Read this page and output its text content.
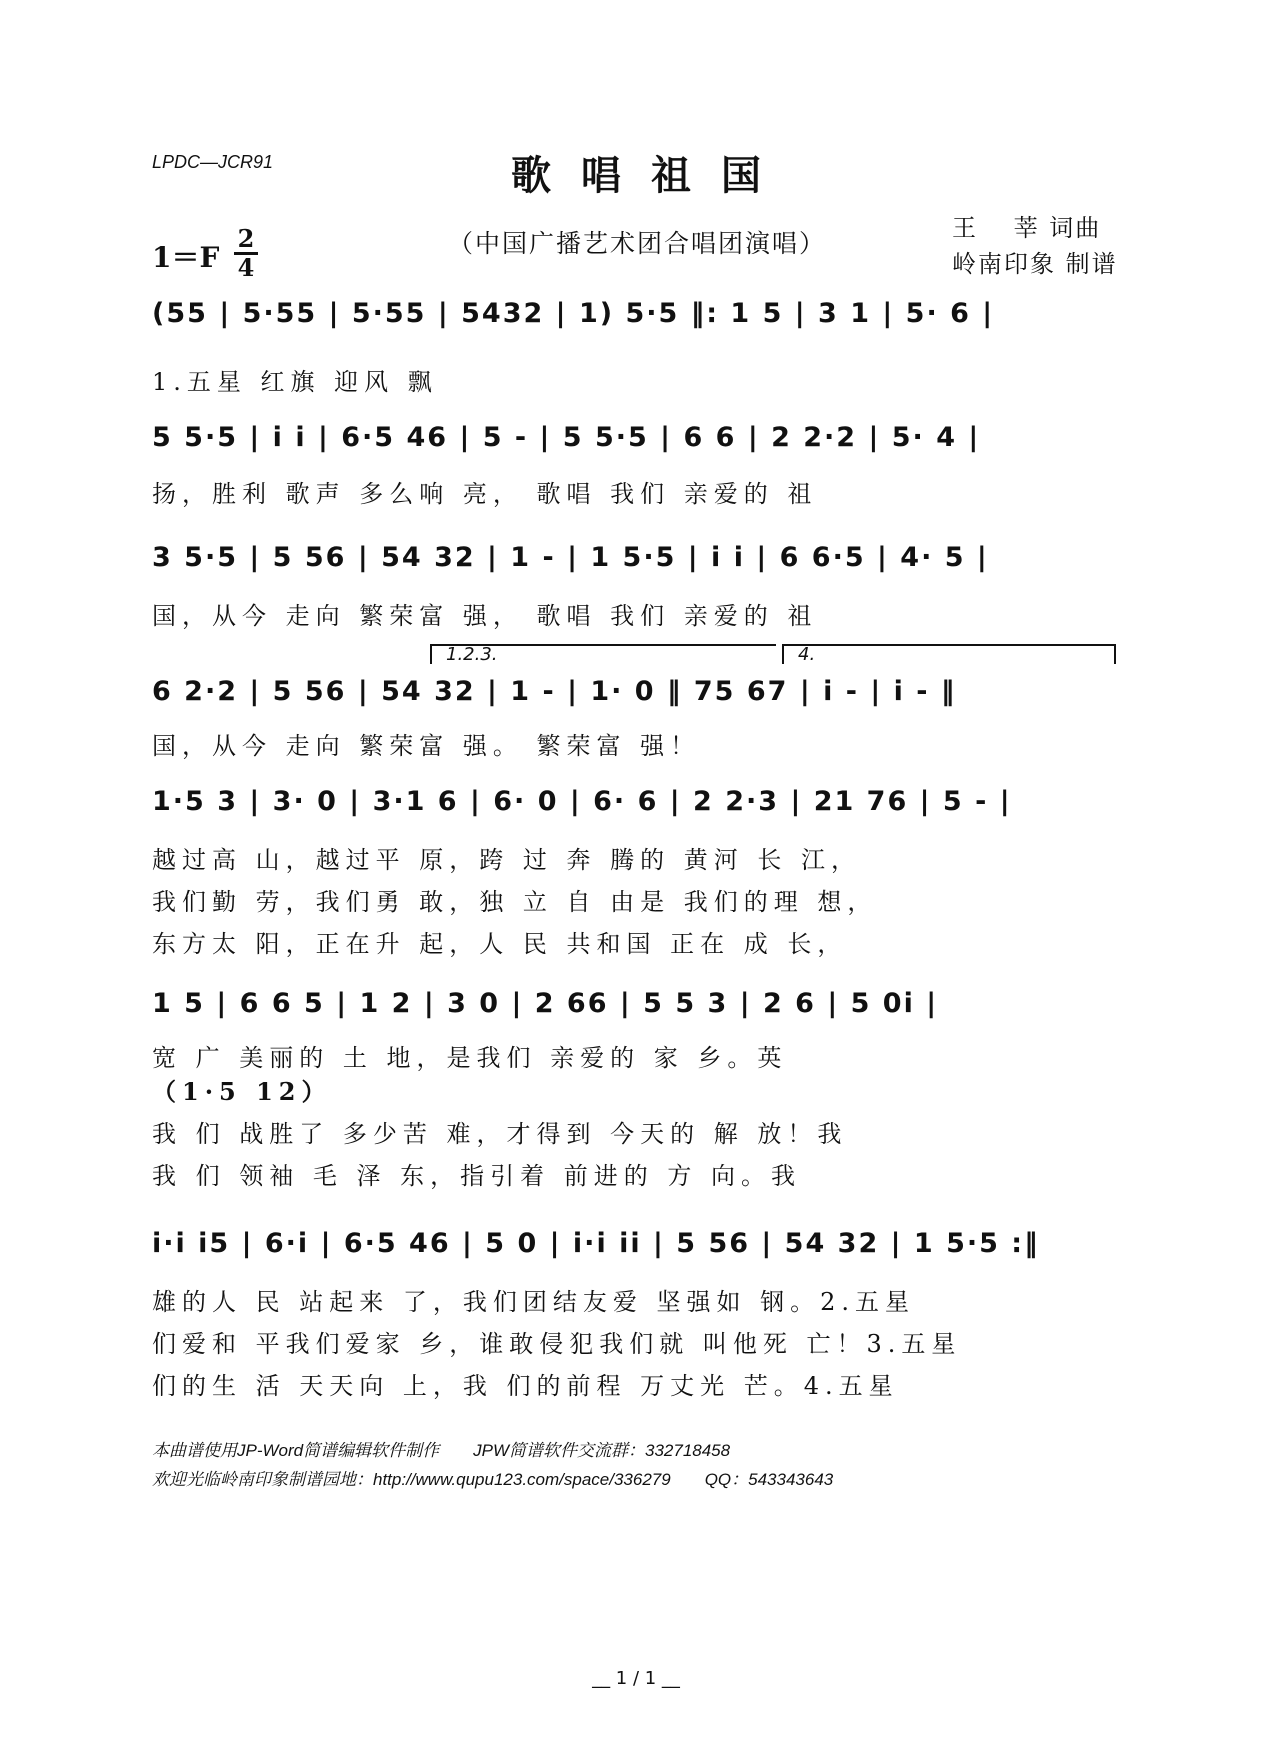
LPDC—JCR91	歌唱祖国
（中国广播艺术团合唱团演唱）
王　 莘 词曲
岭南印象 制谱
1＝F
2
4
(55 | 5·55 | 5·55 | 5432 | 1) 5·5 ‖: 1 5 | 3 1 | 5· 6 |
1.五星 红旗 迎风 飘
5 5·5 | i i | 6·5 46 | 5 - | 5 5·5 | 6 6 | 2 2·2 | 5· 4 |
扬，胜利 歌声 多么响 亮， 歌唱 我们 亲爱的 祖
3 5·5 | 5 56 | 54 32 | 1 - | 1 5·5 | i i | 6 6·5 | 4· 5 |
国，从今 走向 繁荣富 强， 歌唱 我们 亲爱的 祖
1.2.3.	4.
6 2·2 | 5 56 | 54 32 | 1 - | 1· 0 ‖ 75 67 | i - | i - ‖
国，从今 走向 繁荣富 强。 繁荣富 强！
1·5 3 | 3· 0 | 3·1 6 | 6· 0 | 6· 6 | 2 2·3 | 21 76 | 5 - |
越过高 山，越过平 原，跨 过 奔 腾的 黄河 长 江，
我们勤 劳，我们勇 敢，独 立 自 由是 我们的理 想，
东方太 阳，正在升 起，人 民 共和国 正在 成 长，
1 5 | 6 6 5 | 1 2 | 3 0 | 2 66 | 5 5 3 | 2 6 | 5 0i |
宽 广 美丽的 土 地，是我们 亲爱的 家 乡。英
（1·5 12）
我 们 战胜了 多少苦 难，才得到 今天的 解 放！我
我 们 领袖 毛 泽 东，指引着 前进的 方 向。我
i·i i5 | 6·i | 6·5 46 | 5 0 | i·i ii | 5 56 | 54 32 | 1 5·5 :‖
雄的人 民 站起来 了，我们团结友爱 坚强如 钢。2.五星
们爱和 平我们爱家 乡，谁敢侵犯我们就 叫他死 亡！3.五星
们的生 活 天天向 上，我 们的前程 万丈光 芒。4.五星
本曲谱使用JP-Word简谱编辑软件制作　　JPW简谱软件交流群：332718458
欢迎光临岭南印象制谱园地：http://www.qupu123.com/space/336279　　QQ：543343643
__ 1 / 1 __
